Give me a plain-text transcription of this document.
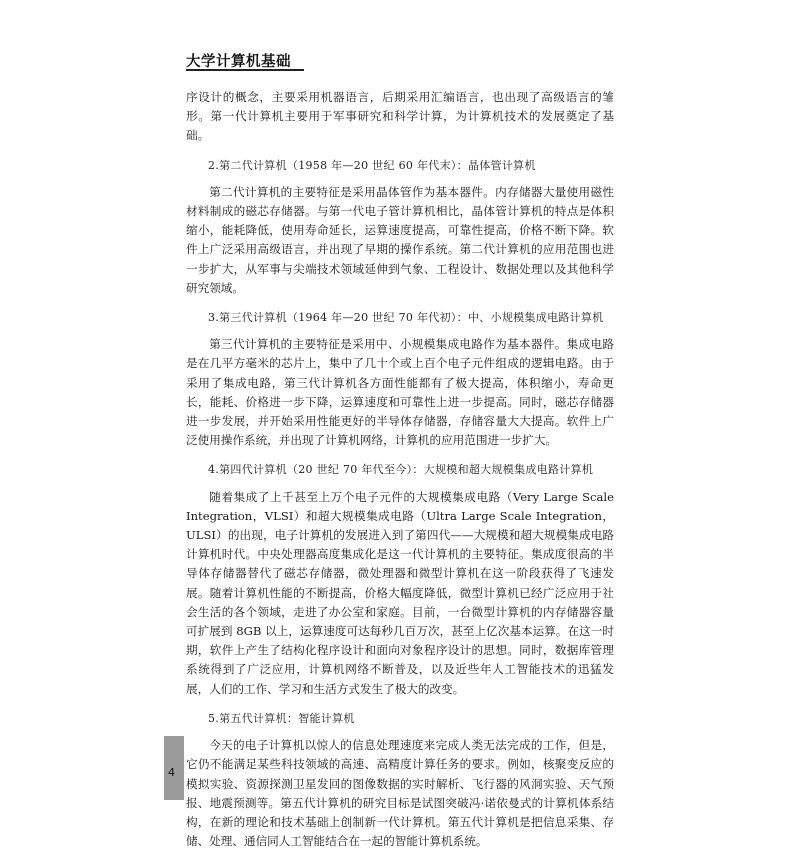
大学计算机基础

序设计的概念，主要采用机器语言，后期采用汇编语言，也出现了高级语言的雏形。第一代计算机主要用于军事研究和科学计算，为计算机技术的发展奠定了基础。

2.第二代计算机（1958 年—20 世纪 60 年代末）：晶体管计算机

第二代计算机的主要特征是采用晶体管作为基本器件。内存储器大量使用磁性材料制成的磁芯存储器。与第一代电子管计算机相比，晶体管计算机的特点是体积缩小，能耗降低，使用寿命延长，运算速度提高，可靠性提高，价格不断下降。软件上广泛采用高级语言，并出现了早期的操作系统。第二代计算机的应用范围也进一步扩大，从军事与尖端技术领域延伸到气象、工程设计、数据处理以及其他科学研究领域。

3.第三代计算机（1964 年—20 世纪 70 年代初）：中、小规模集成电路计算机

第三代计算机的主要特征是采用中、小规模集成电路作为基本器件。集成电路是在几平方毫米的芯片上，集中了几十个或上百个电子元件组成的逻辑电路。由于采用了集成电路，第三代计算机各方面性能都有了极大提高，体积缩小，寿命更长，能耗、价格进一步下降，运算速度和可靠性上进一步提高。同时，磁芯存储器进一步发展，并开始采用性能更好的半导体存储器，存储容量大大提高。软件上广泛使用操作系统，并出现了计算机网络，计算机的应用范围进一步扩大。

4.第四代计算机（20 世纪 70 年代至今）：大规模和超大规模集成电路计算机

随着集成了上千甚至上万个电子元件的大规模集成电路（Very Large Scale Integration，VLSI）和超大规模集成电路（Ultra Large Scale Integration，ULSI）的出现，电子计算机的发展进入到了第四代——大规模和超大规模集成电路计算机时代。中央处理器高度集成化是这一代计算机的主要特征。集成度很高的半导体存储器替代了磁芯存储器，微处理器和微型计算机在这一阶段获得了飞速发展。随着计算机性能的不断提高，价格大幅度降低，微型计算机已经广泛应用于社会生活的各个领域，走进了办公室和家庭。目前，一台微型计算机的内存储器容量可扩展到 8GB 以上，运算速度可达每秒几百万次，甚至上亿次基本运算。在这一时期，软件上产生了结构化程序设计和面向对象程序设计的思想。同时，数据库管理系统得到了广泛应用，计算机网络不断普及，以及近些年人工智能技术的迅猛发展，人们的工作、学习和生活方式发生了极大的改变。

5.第五代计算机：智能计算机

今天的电子计算机以惊人的信息处理速度来完成人类无法完成的工作，但是，它仍不能满足某些科技领域的高速、高精度计算任务的要求。例如，核聚变反应的模拟实验、资源探测卫星发回的图像数据的实时解析、飞行器的风洞实验、天气预报、地震预测等。第五代计算机的研究目标是试图突破冯·诺依曼式的计算机体系结构，在新的理论和技术基础上创制新一代计算机。第五代计算机是把信息采集、存储、处理、通信同人工智能结合在一起的智能计算机系统。

4
